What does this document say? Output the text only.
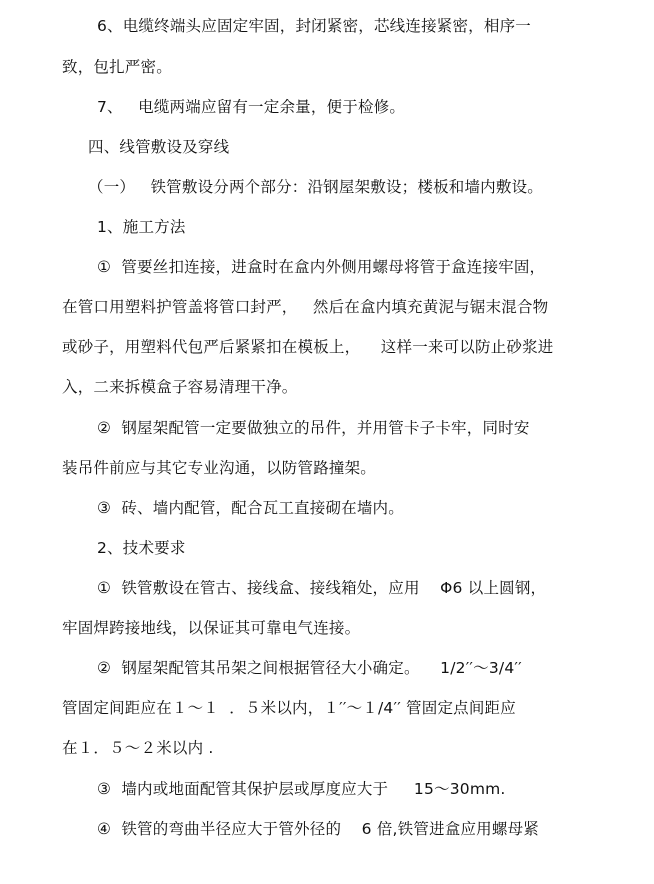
6、电缆终端头应固定牢固，封闭紧密，芯线连接紧密，相序一
致，包扎严密。
7、   电缆两端应留有一定余量，便于检修。
四、线管敷设及穿线
（一）   铁管敷设分两个部分：沿钢屋架敷设；楼板和墙内敷设。
1、施工方法
①  管要丝扣连接，进盒时在盒内外侧用螺母将管于盒连接牢固，
在管口用塑料护管盖将管口封严，   然后在盒内填充黄泥与锯末混合物
或砂子，用塑料代包严后紧紧扣在模板上，    这样一来可以防止砂浆进
入，二来拆模盒子容易清理干净。
②  钢屋架配管一定要做独立的吊件，并用管卡子卡牢，同时安
装吊件前应与其它专业沟通，以防管路撞架。
③  砖、墙内配管，配合瓦工直接砌在墙内。
2、技术要求
①  铁管敷设在管古、接线盒、接线箱处，应用    Φ6 以上圆钢，
牢固焊跨接地线，以保证其可靠电气连接。
②  钢屋架配管其吊架之间根据管径大小确定。    1/2′′～3/4′′
管固定间距应在１～１  ．５米以内，１′′～１/4′′ 管固定点间距应
在１．５～２米以内 .
③  墙内或地面配管其保护层或厚度应大于     15～30mm.
④  铁管的弯曲半径应大于管外径的    6 倍,铁管进盒应用螺母紧
